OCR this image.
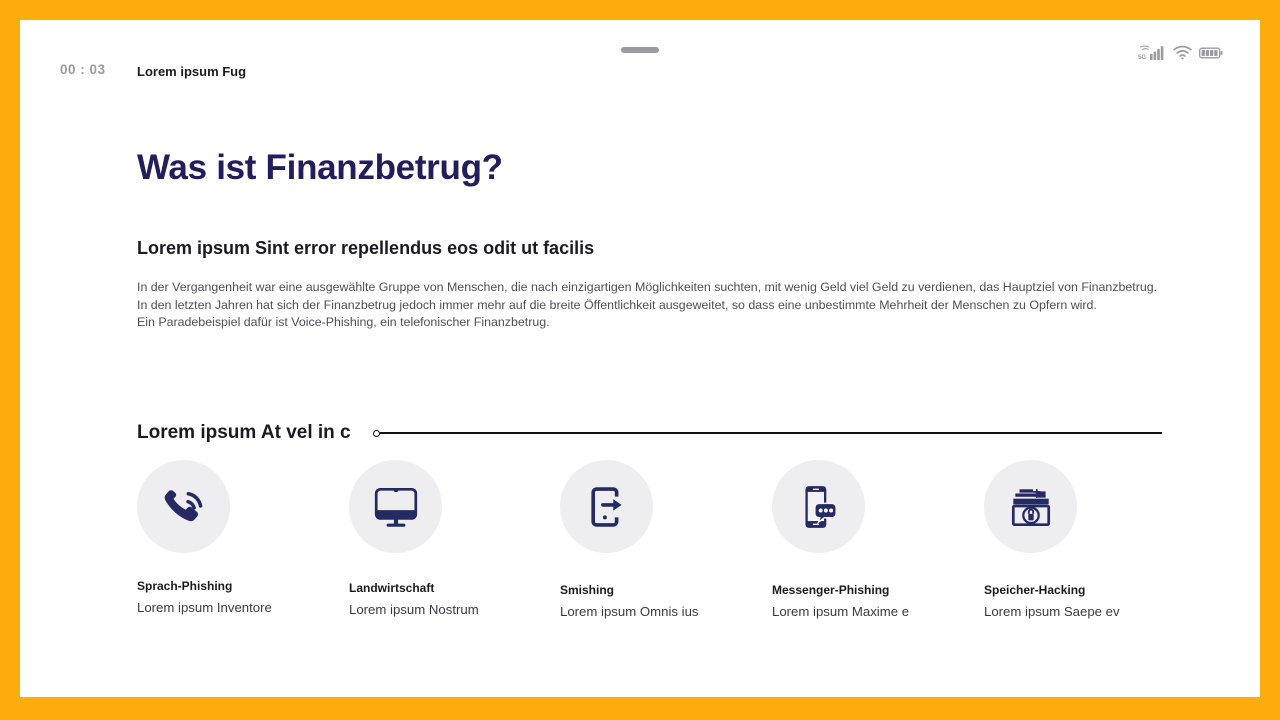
00 : 03 Lorem ipsum Fug
5G
Was ist Finanzbetrug?
Lorem ipsum Sint error repellendus eos odit ut facilis

In der Vergangenheit war eine ausgewählte Gruppe von Menschen, die nach einzigartigen Möglichkeiten suchten, mit wenig Geld viel Geld zu verdienen, das Hauptziel von Finanzbetrug.

In den letzten Jahren hat sich der Finanzbetrug jedoch immer mehr auf die breite Öffentlichkeit ausgeweitet, so dass eine unbestimmte Mehrheit der Menschen zu Opfern wird.

Ein Paradebeispiel dafür ist Voice-Phishing, ein telefonischer Finanzbetrug.

Lorem ipsum At vel in c
Sprach-Phishing
Lorem ipsum Inventore
Landwirtschaft
Lorem ipsum Nostrum
Smishing
Lorem ipsum Omnis ius
Messenger-Phishing
Lorem ipsum Maxime e
Speicher-Hacking
Lorem ipsum Saepe ev
